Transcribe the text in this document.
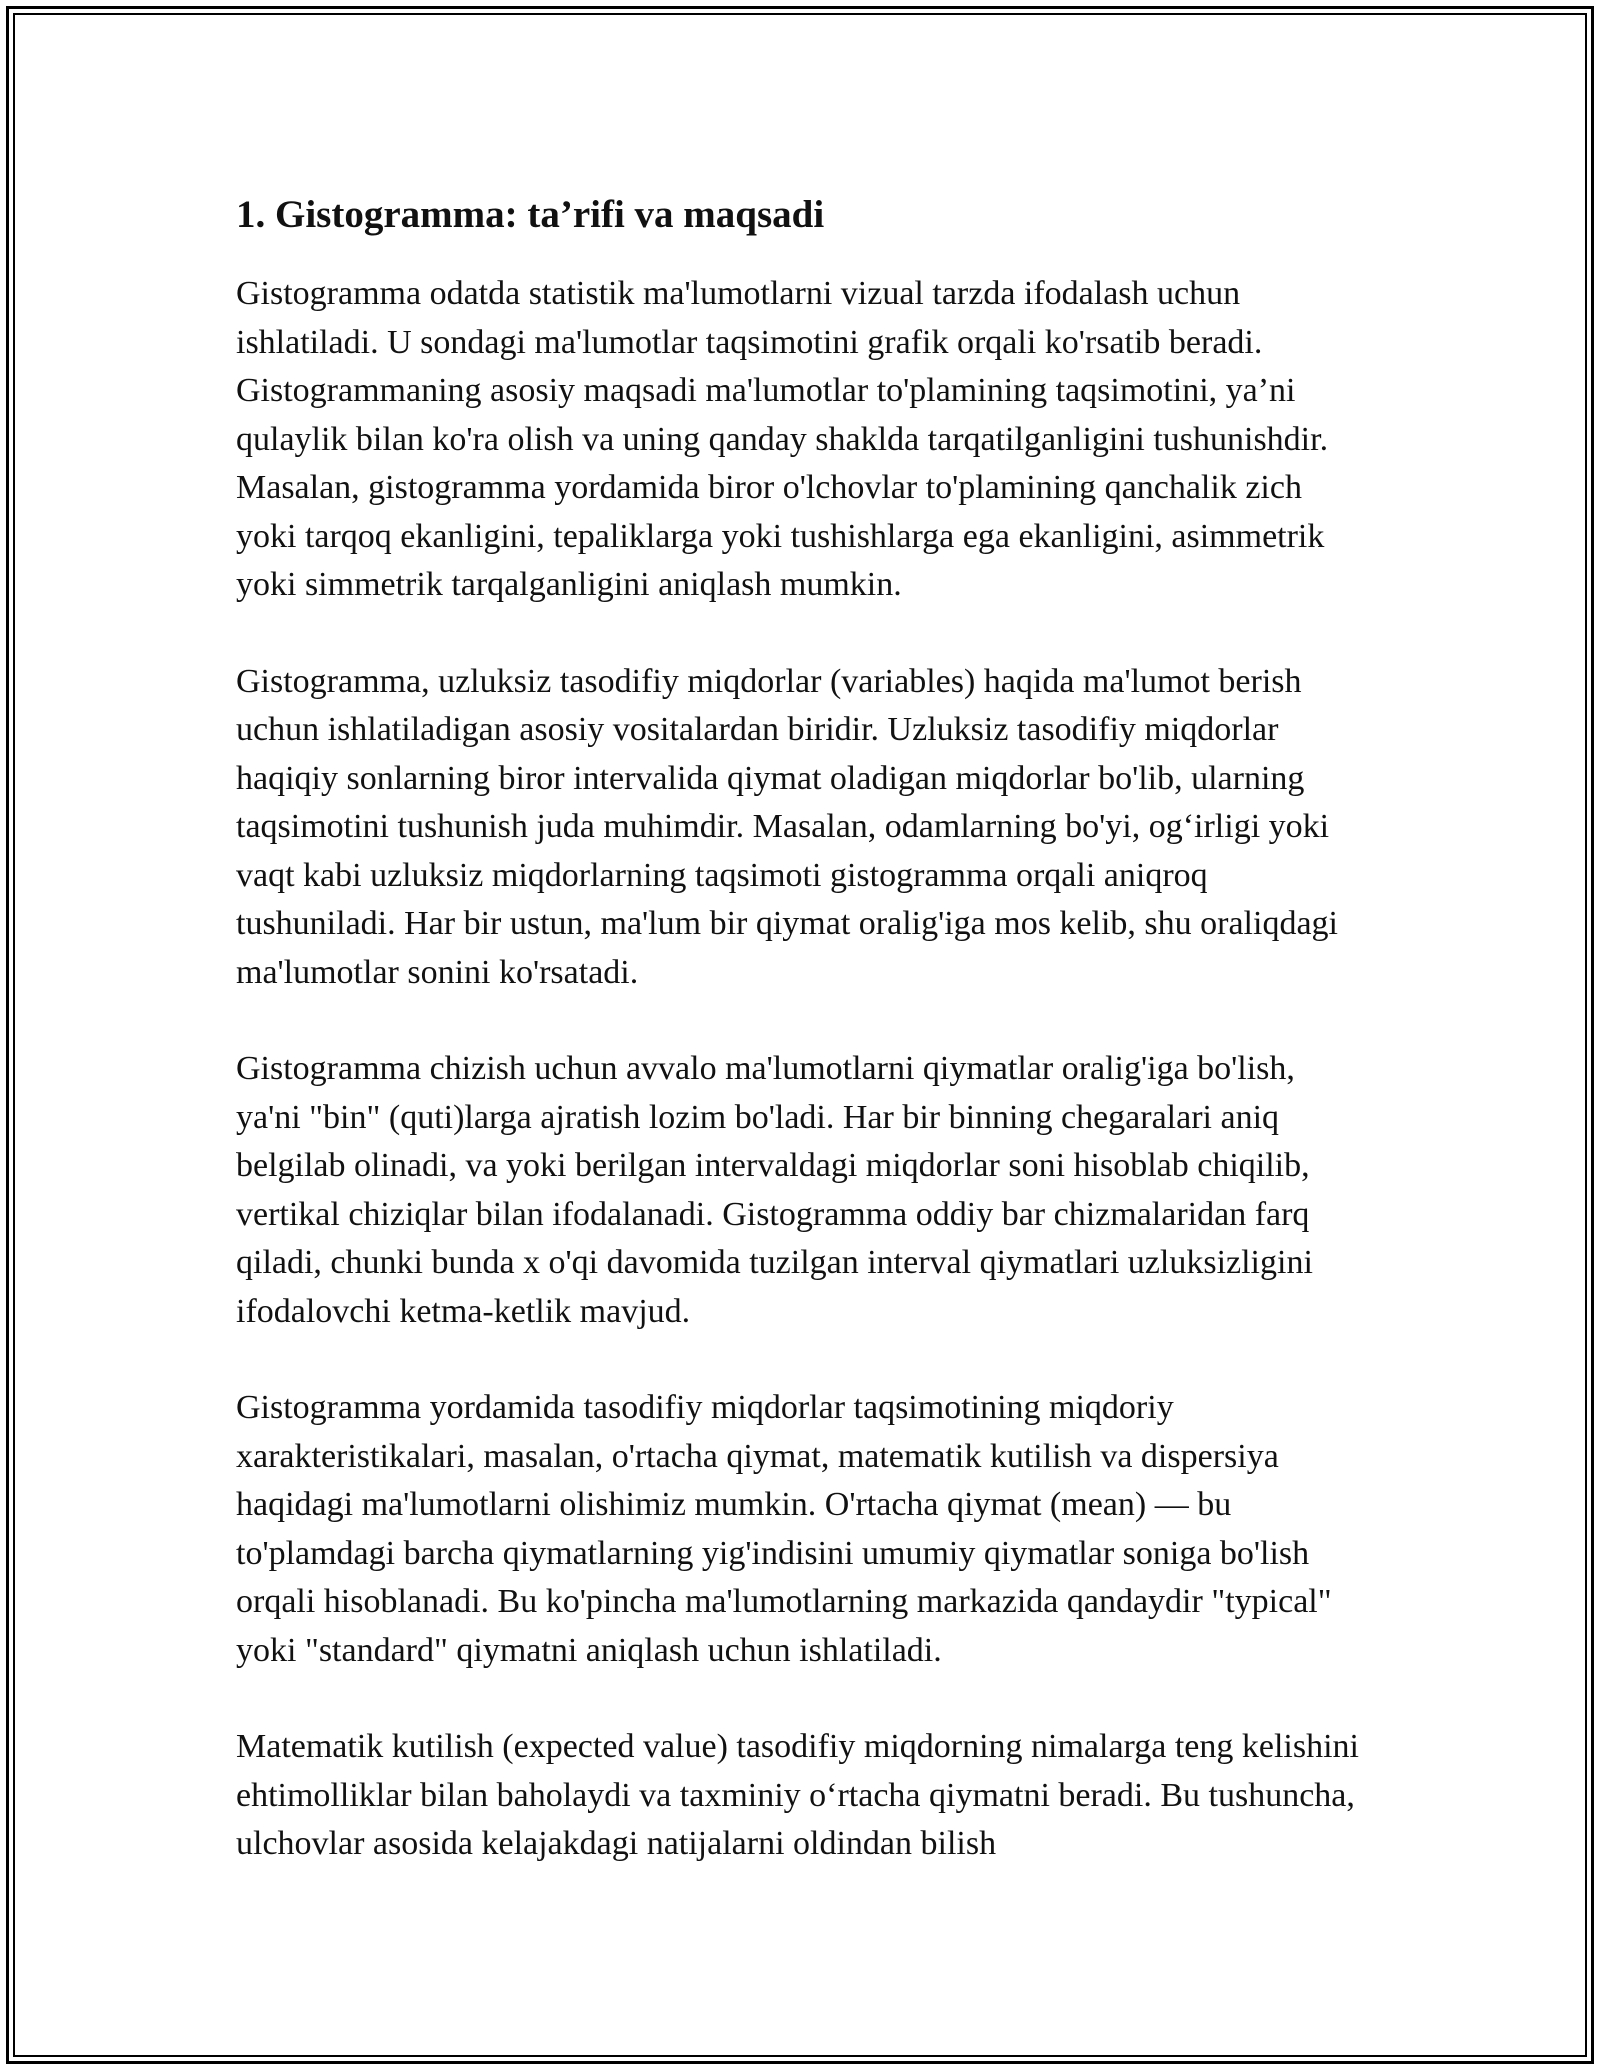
1. Gistogramma: ta’rifi va maqsadi

Gistogramma odatda statistik ma'lumotlarni vizual tarzda ifodalash uchun ishlatiladi. U sondagi ma'lumotlar taqsimotini grafik orqali ko'rsatib beradi. Gistogrammaning asosiy maqsadi ma'lumotlar to'plamining taqsimotini, ya’ni qulaylik bilan ko'ra olish va uning qanday shaklda tarqatilganligini tushunishdir. Masalan, gistogramma yordamida biror o'lchovlar to'plamining qanchalik zich yoki tarqoq ekanligini, tepaliklarga yoki tushishlarga ega ekanligini, asimmetrik yoki simmetrik tarqalganligini aniqlash mumkin.

Gistogramma, uzluksiz tasodifiy miqdorlar (variables) haqida ma'lumot berish uchun ishlatiladigan asosiy vositalardan biridir. Uzluksiz tasodifiy miqdorlar haqiqiy sonlarning biror intervalida qiymat oladigan miqdorlar bo'lib, ularning taqsimotini tushunish juda muhimdir. Masalan, odamlarning bo'yi, og‘irligi yoki vaqt kabi uzluksiz miqdorlarning taqsimoti gistogramma orqali aniqroq tushuniladi. Har bir ustun, ma'lum bir qiymat oralig'iga mos kelib, shu oraliqdagi ma'lumotlar sonini ko'rsatadi.

Gistogramma chizish uchun avvalo ma'lumotlarni qiymatlar oralig'iga bo'lish, ya'ni "bin" (quti)larga ajratish lozim bo'ladi. Har bir binning chegaralari aniq belgilab olinadi, va yoki berilgan intervaldagi miqdorlar soni hisoblab chiqilib, vertikal chiziqlar bilan ifodalanadi. Gistogramma oddiy bar chizmalaridan farq qiladi, chunki bunda x o'qi davomida tuzilgan interval qiymatlari uzluksizligini ifodalovchi ketma-ketlik mavjud.

Gistogramma yordamida tasodifiy miqdorlar taqsimotining miqdoriy xarakteristikalari, masalan, o'rtacha qiymat, matematik kutilish va dispersiya haqidagi ma'lumotlarni olishimiz mumkin. O'rtacha qiymat (mean) — bu to'plamdagi barcha qiymatlarning yig'indisini umumiy qiymatlar soniga bo'lish orqali hisoblanadi. Bu ko'pincha ma'lumotlarning markazida qandaydir "typical" yoki "standard" qiymatni aniqlash uchun ishlatiladi.

Matematik kutilish (expected value) tasodifiy miqdorning nimalarga teng kelishini ehtimolliklar bilan baholaydi va taxminiy o‘rtacha qiymatni beradi. Bu tushuncha, ulchovlar asosida kelajakdagi natijalarni oldindan bilish
